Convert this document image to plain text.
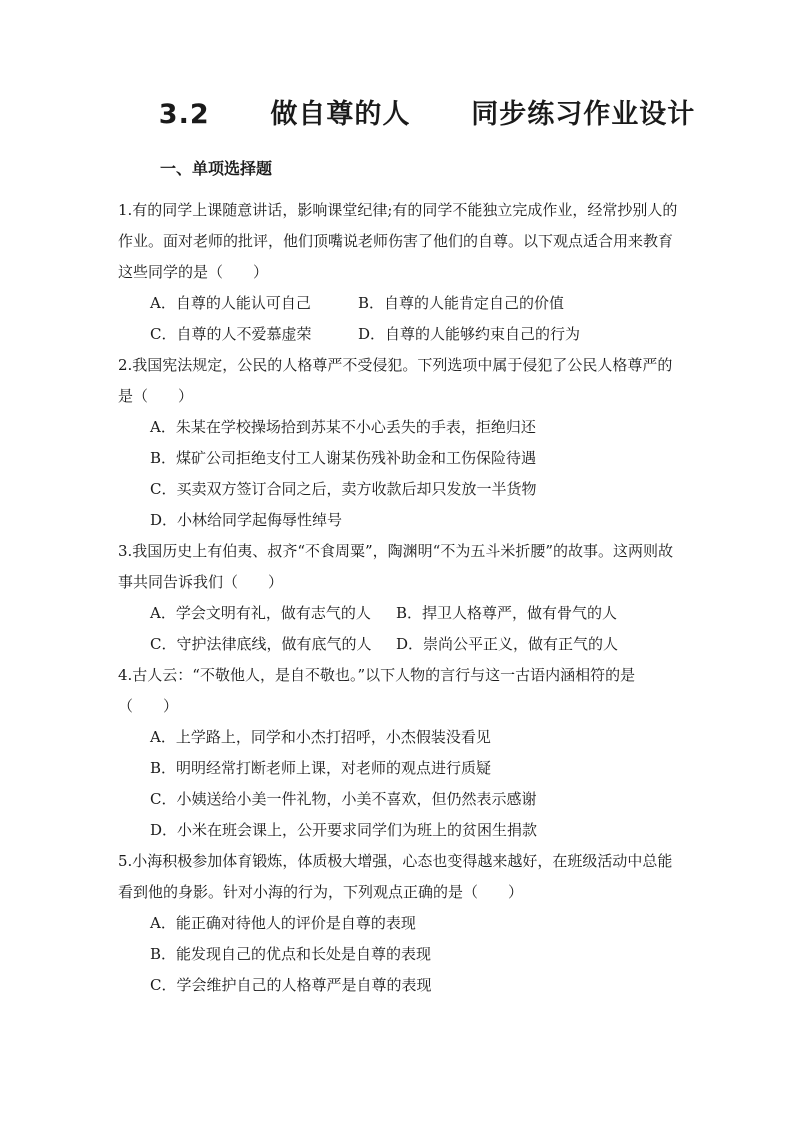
3.2  做自尊的人  同步练习作业设计
一、单项选择题

1.有的同学上课随意讲话，影响课堂纪律;有的同学不能独立完成作业，经常抄别人的作业。面对老师的批评，他们顶嘴说老师伤害了他们的自尊。以下观点适合用来教育这些同学的是（　　）

A．自尊的人能认可自己	B．自尊的人能肯定自己的价值
C．自尊的人不爱慕虚荣	D．自尊的人能够约束自己的行为

2.我国宪法规定，公民的人格尊严不受侵犯。下列选项中属于侵犯了公民人格尊严的是（　　）

A．朱某在学校操场拾到苏某不小心丢失的手表，拒绝归还
B．煤矿公司拒绝支付工人谢某伤残补助金和工伤保险待遇
C．买卖双方签订合同之后，卖方收款后却只发放一半货物
D．小林给同学起侮辱性绰号

3.我国历史上有伯夷、叔齐“不食周粟”，陶渊明“不为五斗米折腰”的故事。这两则故事共同告诉我们（　　）

A．学会文明有礼，做有志气的人 B．捍卫人格尊严，做有骨气的人
C．守护法律底线，做有底气的人 D．崇尚公平正义，做有正气的人

4.古人云：“不敬他人，是自不敬也。”以下人物的言行与这一古语内涵相符的是（　　）

A．上学路上，同学和小杰打招呼，小杰假装没看见
B．明明经常打断老师上课，对老师的观点进行质疑
C．小姨送给小美一件礼物，小美不喜欢，但仍然表示感谢
D．小米在班会课上，公开要求同学们为班上的贫困生捐款

5.小海积极参加体育锻炼，体质极大增强，心态也变得越来越好，在班级活动中总能看到他的身影。针对小海的行为，下列观点正确的是（　　）

A．能正确对待他人的评价是自尊的表现
B．能发现自己的优点和长处是自尊的表现
C．学会维护自己的人格尊严是自尊的表现
